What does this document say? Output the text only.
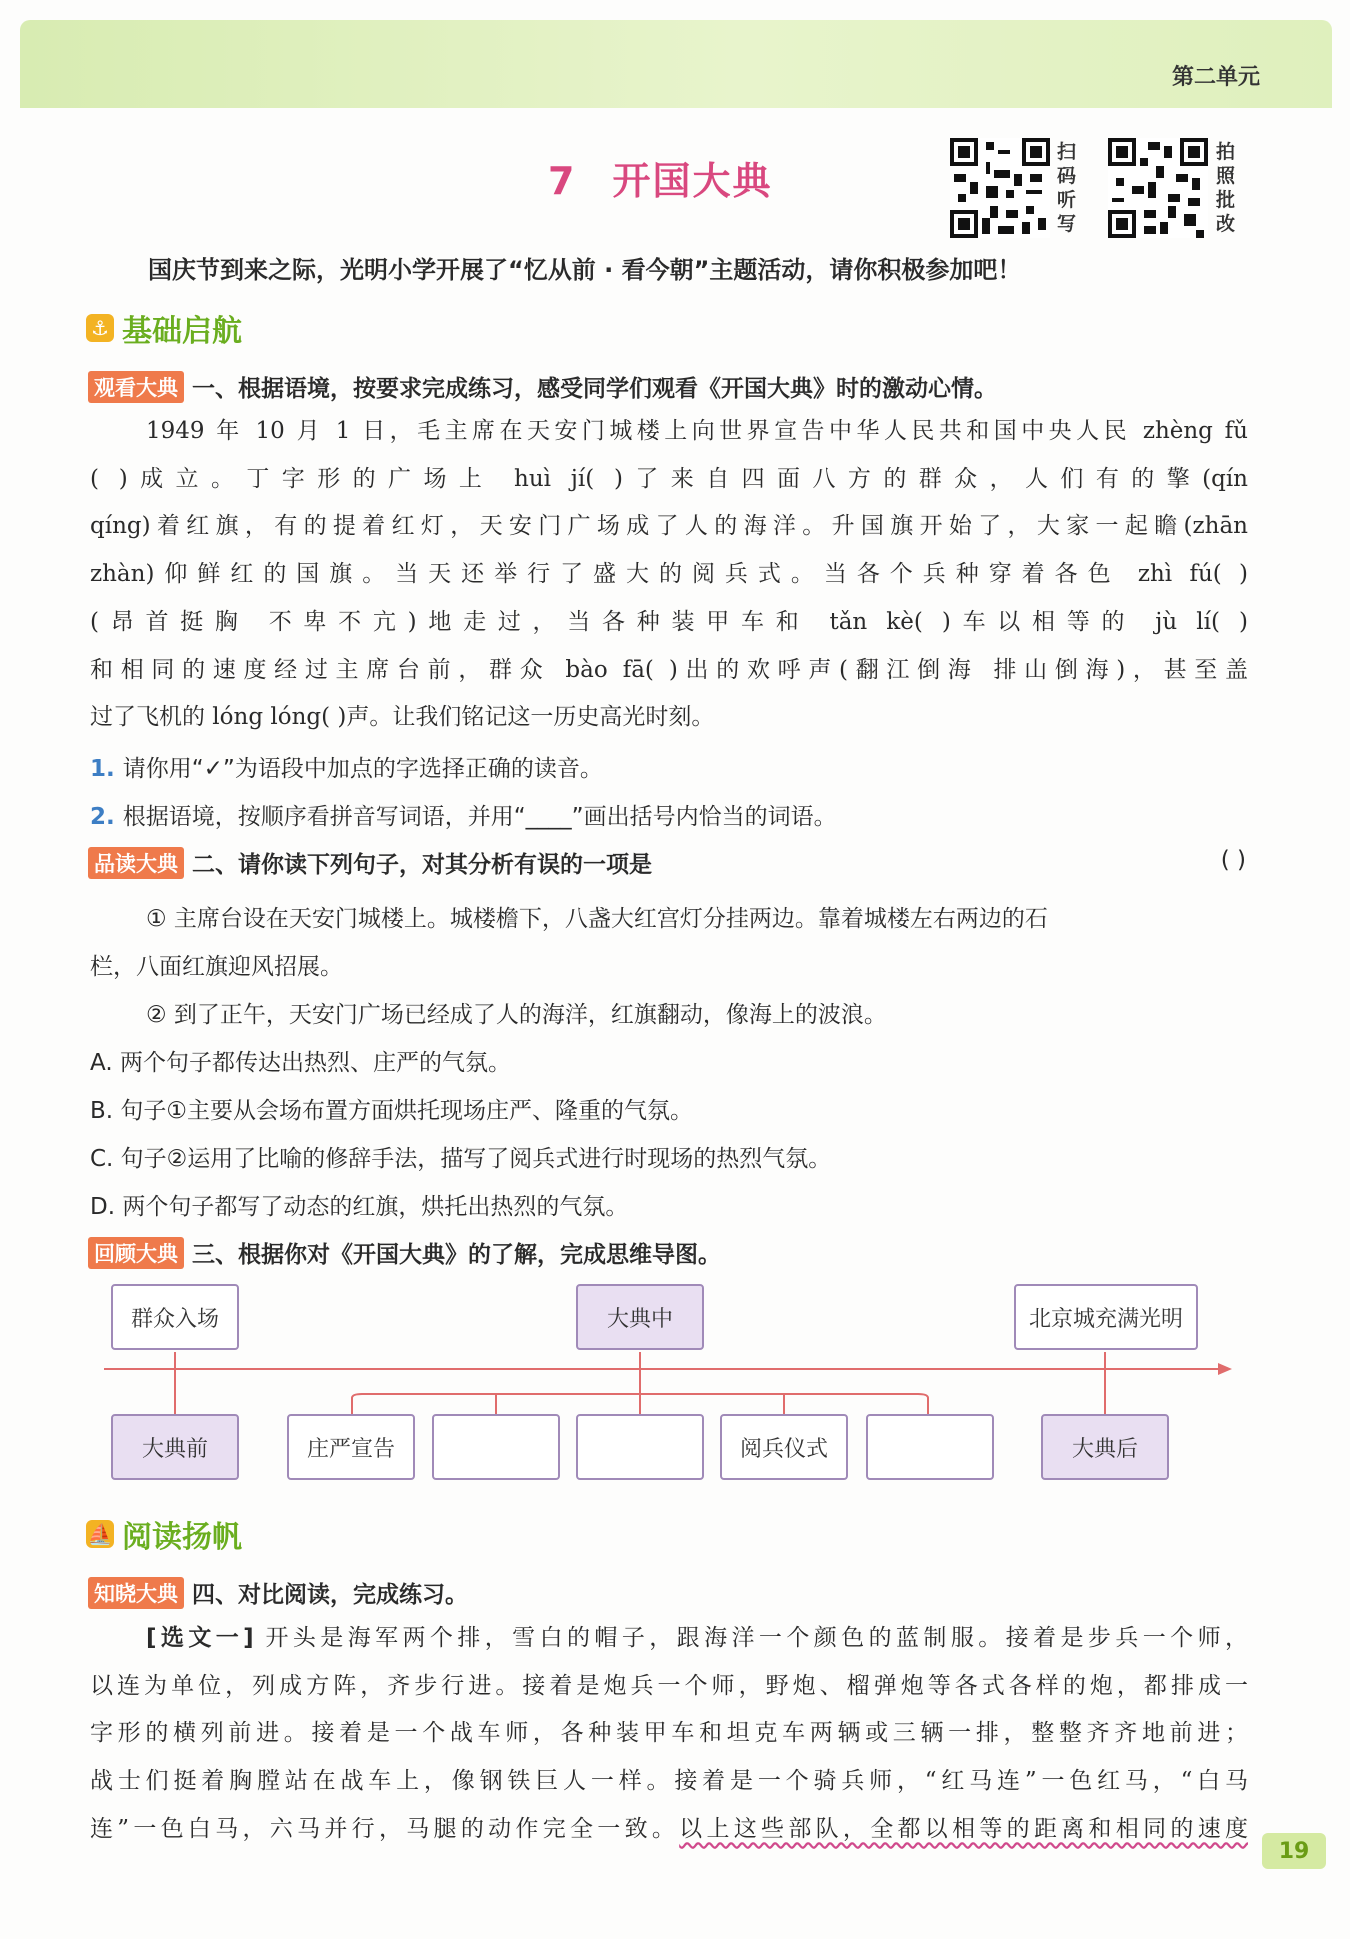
第二单元
7 开国大典
扫码听写
拍照批改
国庆节到来之际，光明小学开展了“忆从前 · 看今朝”主题活动，请你积极参加吧！
⚓ 基础启航
观看大典 一、根据语境，按要求完成练习，感受同学们观看《开国大典》时的激动心情。
1949 年 10 月 1 日，毛主席在天安门城楼上向世界宣告中华人民共和国中央人民 zhèng fǔ
( )成立。丁字形的广场上 huì jí( )了来自四面八方的群众，人们有的擎(qín
qíng)着红旗，有的提着红灯，天安门广场成了人的海洋。升国旗开始了，大家一起瞻(zhān
zhàn)仰鲜红的国旗。当天还举行了盛大的阅兵式。当各个兵种穿着各色 zhì fú( )
(昂首挺胸 不卑不亢)地走过，当各种装甲车和 tǎn kè( )车以相等的 jù lí( )
和相同的速度经过主席台前，群众 bào fā( )出的欢呼声(翻江倒海 排山倒海)，甚至盖
过了飞机的 lóng lóng( )声。让我们铭记这一历史高光时刻。
1. 请你用“✓”为语段中加点的字选择正确的读音。
2. 根据语境，按顺序看拼音写词语，并用“____”画出括号内恰当的词语。
品读大典 二、请你读下列句子，对其分析有误的一项是	( )
① 主席台设在天安门城楼上。城楼檐下，八盏大红宫灯分挂两边。靠着城楼左右两边的石
栏，八面红旗迎风招展。
② 到了正午，天安门广场已经成了人的海洋，红旗翻动，像海上的波浪。
A. 两个句子都传达出热烈、庄严的气氛。
B. 句子①主要从会场布置方面烘托现场庄严、隆重的气氛。
C. 句子②运用了比喻的修辞手法，描写了阅兵式进行时现场的热烈气氛。
D. 两个句子都写了动态的红旗，烘托出热烈的气氛。
回顾大典 三、根据你对《开国大典》的了解，完成思维导图。
群众入场	大典中	北京城充满光明
大典前	庄严宣告	阅兵仪式	大典后
⛵ 阅读扬帆
知晓大典 四、对比阅读，完成练习。
[选文一] 开头是海军两个排，雪白的帽子，跟海洋一个颜色的蓝制服。接着是步兵一个师，
以连为单位，列成方阵，齐步行进。接着是炮兵一个师，野炮、榴弹炮等各式各样的炮，都排成一
字形的横列前进。接着是一个战车师，各种装甲车和坦克车两辆或三辆一排，整整齐齐地前进；
战士们挺着胸膛站在战车上，像钢铁巨人一样。接着是一个骑兵师，“红马连”一色红马，“白马
连”一色白马，六马并行，马腿的动作完全一致。以上这些部队，全都以相等的距离和相同的速度
19
